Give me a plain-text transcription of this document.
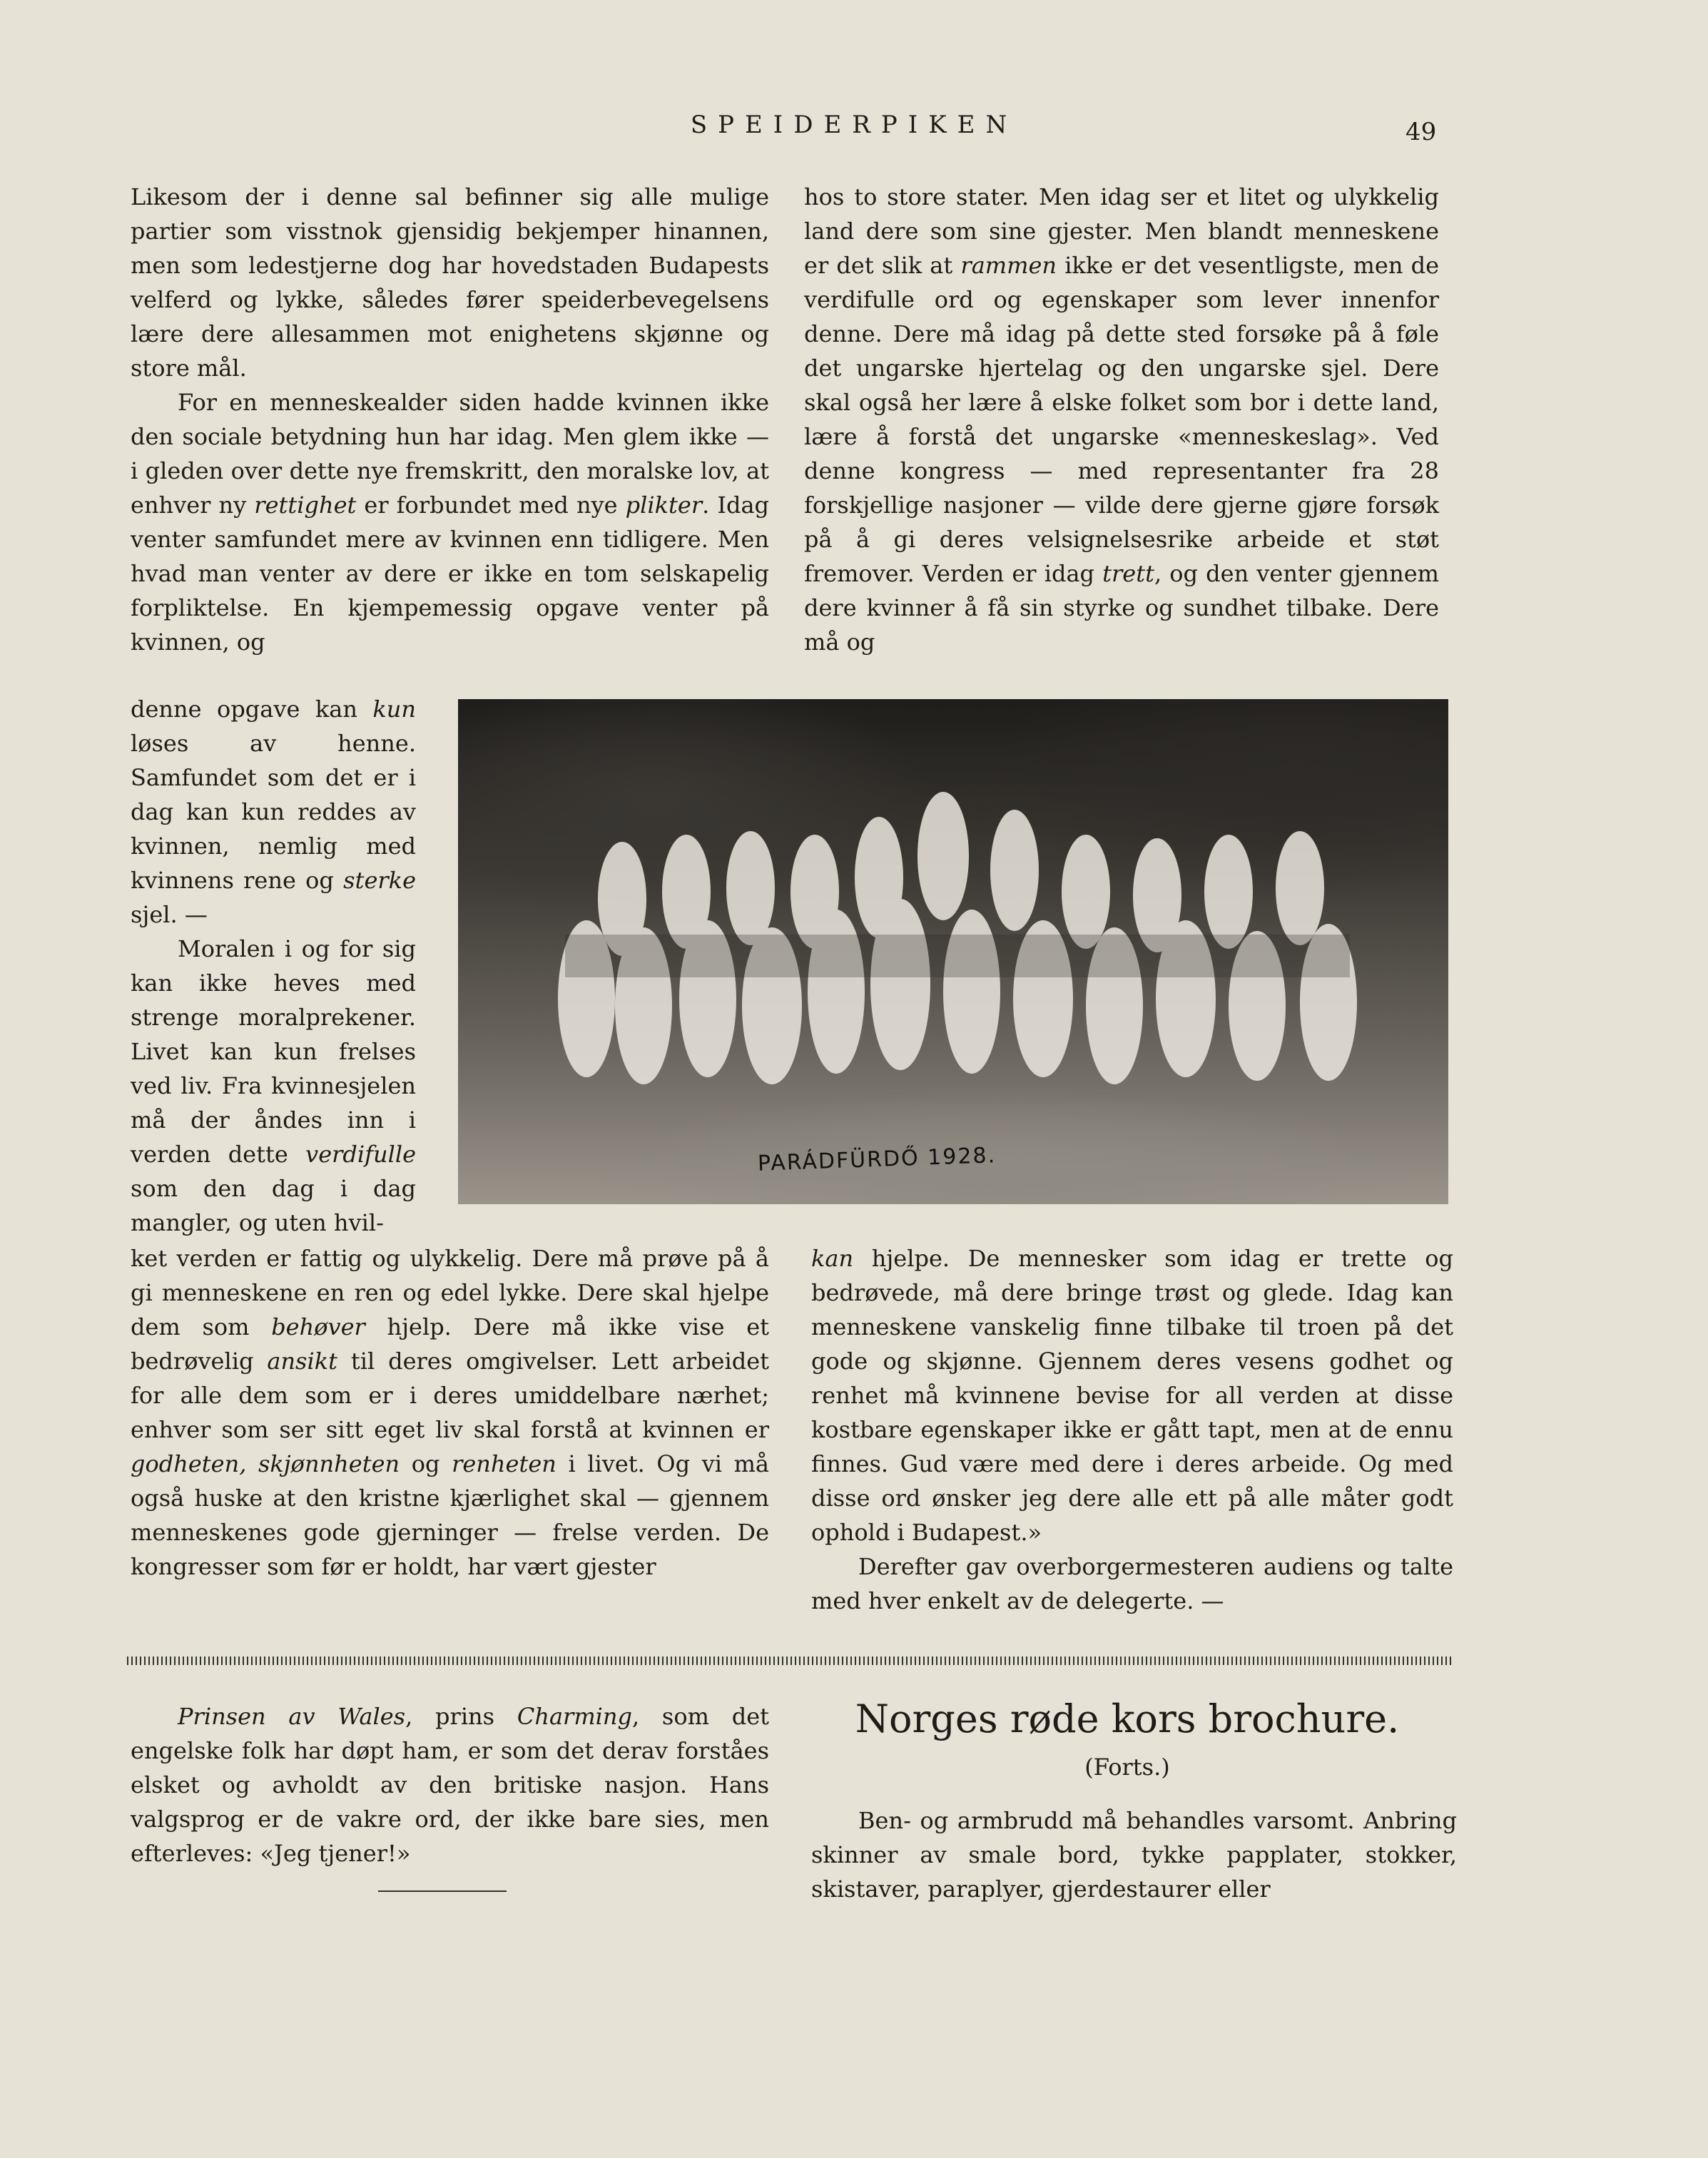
SPEIDERPIKEN	49

Likesom der i denne sal befinner sig alle mulige partier som visstnok gjensidig bekjemper hinannen, men som ledestjerne dog har hovedstaden Budapests velferd og lykke, således fører speiderbevegelsens lære dere allesammen mot enighetens skjønne og store mål.

For en menneskealder siden hadde kvinnen ikke den sociale betydning hun har idag. Men glem ikke — i gleden over dette nye fremskritt, den moralske lov, at enhver ny rettighet er forbundet med nye plikter. Idag venter samfundet mere av kvinnen enn tidligere. Men hvad man venter av dere er ikke en tom selskapelig forpliktelse. En kjempemessig opgave venter på kvinnen, og

hos to store stater. Men idag ser et litet og ulykkelig land dere som sine gjester. Men blandt menneskene er det slik at rammen ikke er det vesentligste, men de verdifulle ord og egenskaper som lever innenfor denne. Dere må idag på dette sted forsøke på å føle det ungarske hjertelag og den ungarske sjel. Dere skal også her lære å elske folket som bor i dette land, lære å forstå det ungarske «menneskeslag». Ved denne kongress — med representanter fra 28 forskjellige nasjoner — vilde dere gjerne gjøre forsøk på å gi deres velsignelsesrike arbeide et støt fremover. Verden er idag trett, og den venter gjennem dere kvinner å få sin styrke og sundhet tilbake. Dere må og

denne opgave kan kun løses av henne. Samfundet som det er i dag kan kun reddes av kvinnen, nemlig med kvinnens rene og sterke sjel. —

Moralen i og for sig kan ikke heves med strenge moralprekener. Livet kan kun frelses ved liv. Fra kvinnesjelen må der åndes inn i verden dette verdifulle som den dag i dag mangler, og uten hvil-

PARÁDFÜRDŐ 1928.

ket verden er fattig og ulykkelig. Dere må prøve på å gi menneskene en ren og edel lykke. Dere skal hjelpe dem som behøver hjelp. Dere må ikke vise et bedrøvelig ansikt til deres omgivelser. Lett arbeidet for alle dem som er i deres umiddelbare nærhet; enhver som ser sitt eget liv skal forstå at kvinnen er godheten, skjønnheten og renheten i livet. Og vi må også huske at den kristne kjærlighet skal — gjennem menneskenes gode gjerninger — frelse verden. De kongresser som før er holdt, har vært gjester

kan hjelpe. De mennesker som idag er trette og bedrøvede, må dere bringe trøst og glede. Idag kan menneskene vanskelig finne tilbake til troen på det gode og skjønne. Gjennem deres vesens godhet og renhet må kvinnene bevise for all verden at disse kostbare egenskaper ikke er gått tapt, men at de ennu finnes. Gud være med dere i deres arbeide. Og med disse ord ønsker jeg dere alle ett på alle måter godt ophold i Budapest.»

Derefter gav overborgermesteren audiens og talte med hver enkelt av de delegerte. —

Prinsen av Wales, prins Charming, som det engelske folk har døpt ham, er som det derav forståes elsket og avholdt av den britiske nasjon. Hans valgsprog er de vakre ord, der ikke bare sies, men efterleves: «Jeg tjener!»

Norges røde kors brochure.
(Forts.)

Ben- og armbrudd må behandles varsomt. Anbring skinner av smale bord, tykke papplater, stokker, skistaver, paraplyer, gjerdestaurer eller
